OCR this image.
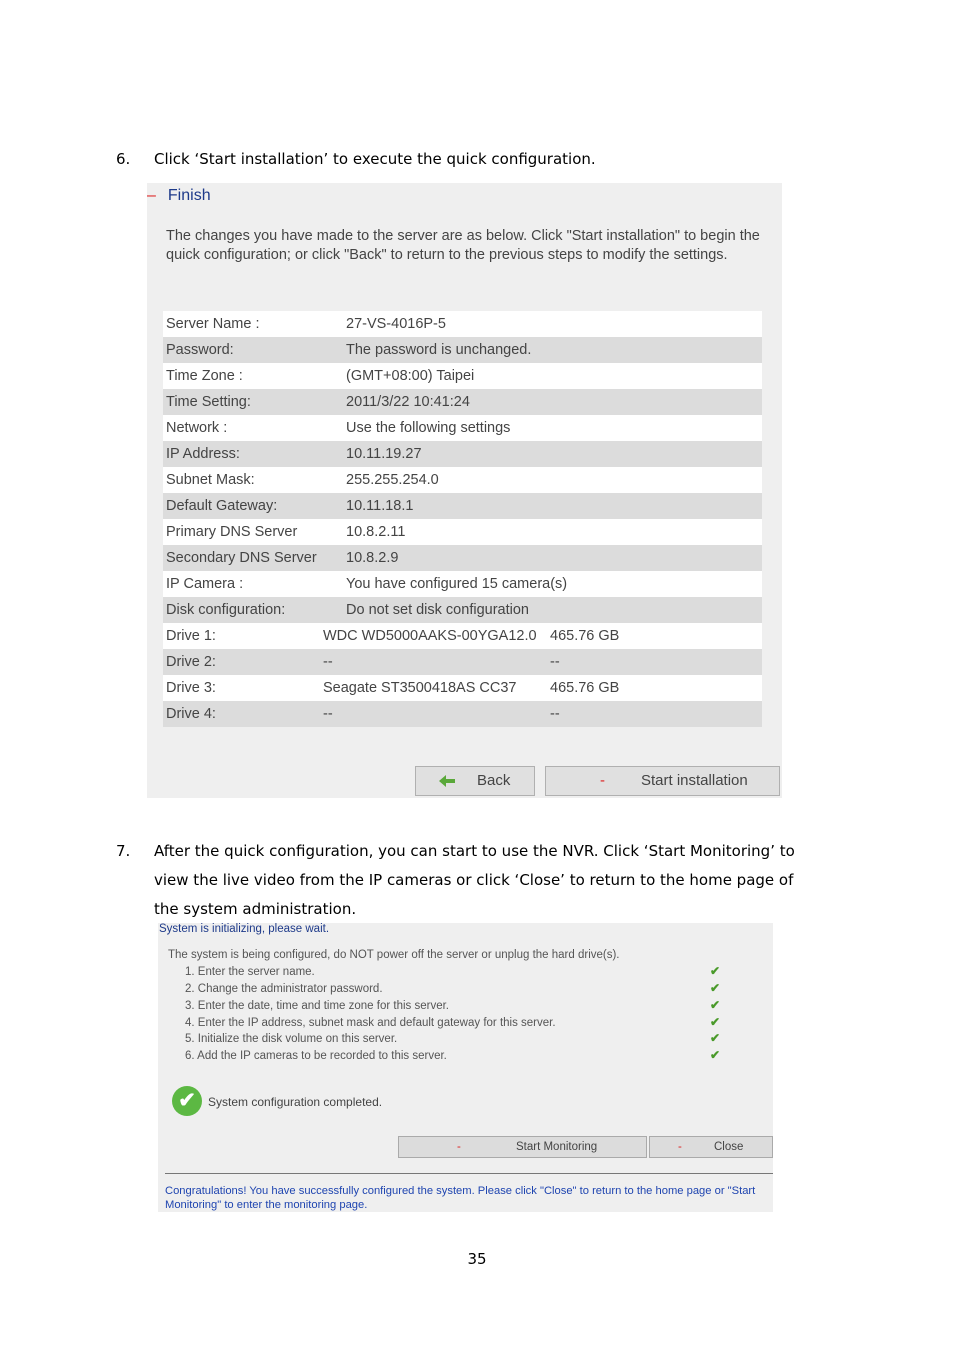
6. Click ‘Start installation’ to execute the quick configuration.
– Finish
The changes you have made to the server are as below. Click "Start installation" to begin the quick configuration; or click "Back" to return to the previous steps to modify the settings.
Server Name :	27-VS-4016P-5
Password:	The password is unchanged.
Time Zone :	(GMT+08:00) Taipei
Time Setting:	2011/3/22 10:41:24
Network :	Use the following settings
IP Address:	10.11.19.27
Subnet Mask:	255.255.254.0
Default Gateway:	10.11.18.1
Primary DNS Server	10.8.2.11
Secondary DNS Server	10.8.2.9
IP Camera :	You have configured 15 camera(s)
Disk configuration:	Do not set disk configuration
Drive 1:	WDC WD5000AAKS-00YGA12.0 465.76 GB
Drive 2:	--	--
Drive 3:	Seagate ST3500418AS CC37 465.76 GB
Drive 4:	--	--
Back	- Start installation
7. After the quick configuration, you can start to use the NVR. Click ‘Start Monitoring’ to
view the live video from the IP cameras or click ‘Close’ to return to the home page of
the system administration.
System is initializing, please wait.
The system is being configured, do NOT power off the server or unplug the hard drive(s).
1. Enter the server name.
2. Change the administrator password.
3. Enter the date, time and time zone for this server.
4. Enter the IP address, subnet mask and default gateway for this server.
5. Initialize the disk volume on this server.
6. Add the IP cameras to be recorded to this server.
✔
✔
✔
✔
✔
✔
✔	System configuration completed.
-	Start Monitoring	-	Close
Congratulations! You have successfully configured the system. Please click "Close" to return to the home page or "Start Monitoring" to enter the monitoring page.
35
